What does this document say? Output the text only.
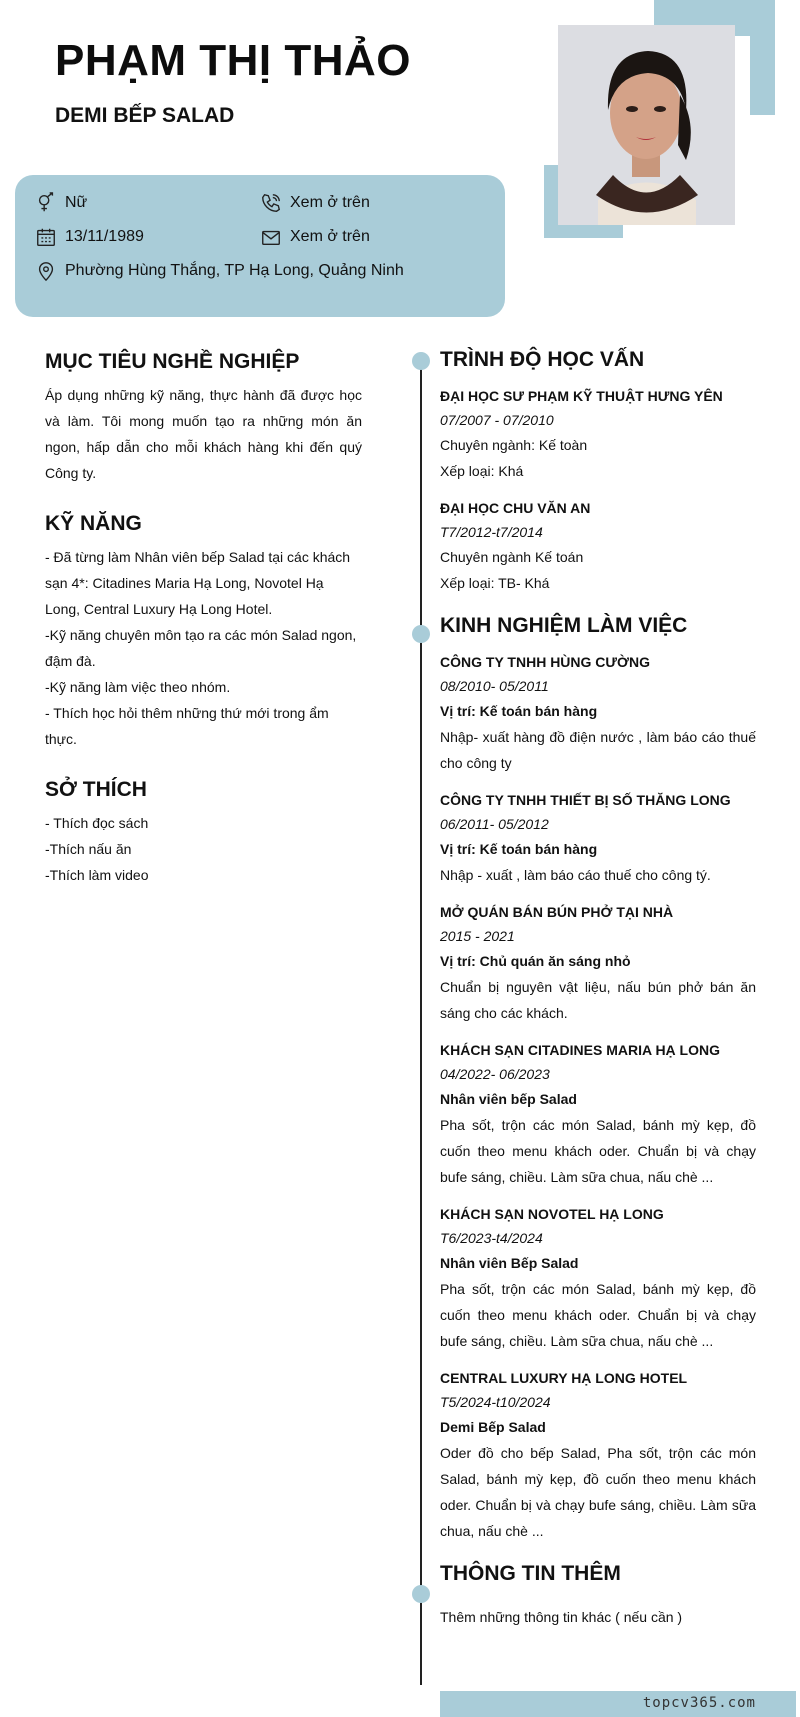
PHẠM THỊ THẢO
DEMI BẾP SALAD
Nữ	Xem ở trên
13/11/1989	Xem ở trên
Phường Hùng Thắng, TP Hạ Long, Quảng Ninh
MỤC TIÊU NGHỀ NGHIỆP

Áp dụng những kỹ năng, thực hành đã được học và làm. Tôi mong muốn tạo ra những món ăn ngon, hấp dẫn cho mỗi khách hàng khi đến quý Công ty.

KỸ NĂNG

- Đã từng làm Nhân viên bếp Salad tại các khách sạn 4*: Citadines Maria Hạ Long, Novotel Hạ Long, Central Luxury Hạ Long Hotel.

-Kỹ năng chuyên môn tạo ra các món Salad ngon, đậm đà.

-Kỹ năng làm việc theo nhóm.

- Thích học hỏi thêm những thứ mới trong ẩm thực.

SỞ THÍCH

- Thích đọc sách

-Thích nấu ăn

-Thích làm video

TRÌNH ĐỘ HỌC VẤN

ĐẠI HỌC SƯ PHẠM KỸ THUẬT HƯNG YÊN

07/2007 - 07/2010

Chuyên ngành: Kế toàn

Xếp loại: Khá

ĐẠI HỌC CHU VĂN AN

T7/2012-t7/2014

Chuyên ngành Kế toán

Xếp loại: TB- Khá

KINH NGHIỆM LÀM VIỆC

CÔNG TY TNHH HÙNG CƯỜNG

08/2010- 05/2011

Vị trí: Kế toán bán hàng

Nhập- xuất hàng đồ điện nước , làm báo cáo thuế cho công ty

CÔNG TY TNHH THIẾT BỊ SỐ THĂNG LONG

06/2011- 05/2012

Vị trí: Kế toán bán hàng

Nhập - xuất , làm báo cáo thuế cho công tý.

MỞ QUÁN BÁN BÚN PHỞ TẠI NHÀ

2015 - 2021

Vị trí: Chủ quán ăn sáng nhỏ

Chuẩn bị nguyên vật liệu, nấu bún phở bán ăn sáng cho các khách.

KHÁCH SẠN CITADINES MARIA HẠ LONG

04/2022- 06/2023

Nhân viên bếp Salad

Pha sốt, trộn các món Salad, bánh mỳ kẹp, đồ cuốn theo menu khách oder. Chuẩn bị và chạy bufe sáng, chiều. Làm sữa chua, nấu chè ...

KHÁCH SẠN NOVOTEL HẠ LONG

T6/2023-t4/2024

Nhân viên Bếp Salad

Pha sốt, trộn các món Salad, bánh mỳ kẹp, đồ cuốn theo menu khách oder. Chuẩn bị và chạy bufe sáng, chiều. Làm sữa chua, nấu chè ...

CENTRAL LUXURY HẠ LONG HOTEL

T5/2024-t10/2024

Demi Bếp Salad

Oder đồ cho bếp Salad, Pha sốt, trộn các món Salad, bánh mỳ kẹp, đồ cuốn theo menu khách oder. Chuẩn bị và chạy bufe sáng, chiều. Làm sữa chua, nấu chè ...

THÔNG TIN THÊM

Thêm những thông tin khác ( nếu cần )

topcv365.com
